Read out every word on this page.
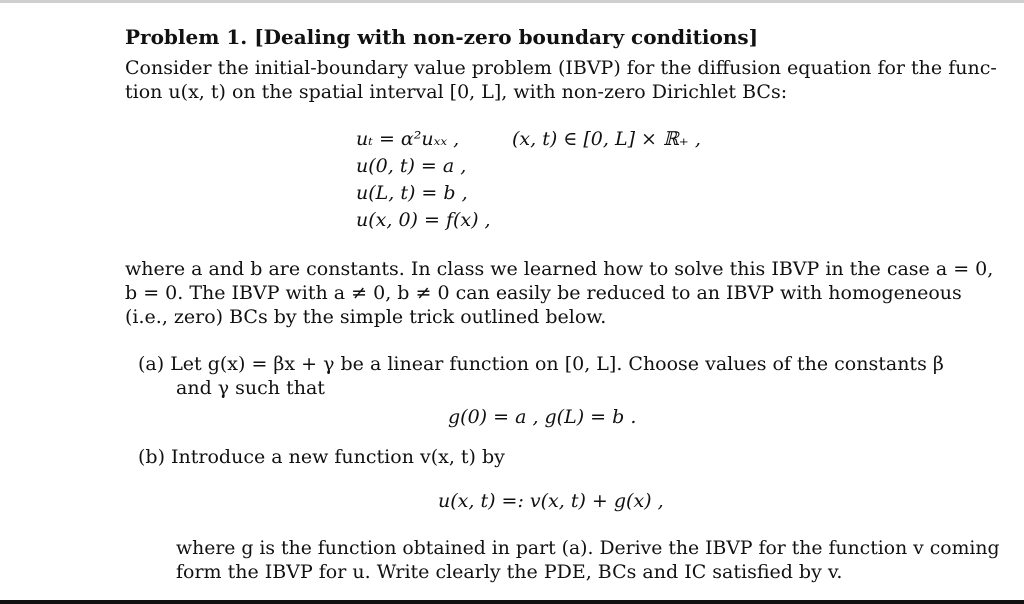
Problem 1. [Dealing with non-zero boundary conditions]
Consider the initial-boundary value problem (IBVP) for the diffusion equation for the func-
tion u(x, t) on the spatial interval [0, L], with non-zero Dirichlet BCs:
uₜ = α²uₓₓ ,	(x, t) ∈ [0, L] × ℝ₊ ,
u(0, t) = a ,
u(L, t) = b ,
u(x, 0) = f(x) ,
where a and b are constants. In class we learned how to solve this IBVP in the case a = 0,
b = 0. The IBVP with a ≠ 0, b ≠ 0 can easily be reduced to an IBVP with homogeneous
(i.e., zero) BCs by the simple trick outlined below.
(a) Let g(x) = βx + γ be a linear function on [0, L]. Choose values of the constants β
and γ such that
g(0) = a , g(L) = b .
(b) Introduce a new function v(x, t) by
u(x, t) =: v(x, t) + g(x) ,
where g is the function obtained in part (a). Derive the IBVP for the function v coming
form the IBVP for u. Write clearly the PDE, BCs and IC satisfied by v.
